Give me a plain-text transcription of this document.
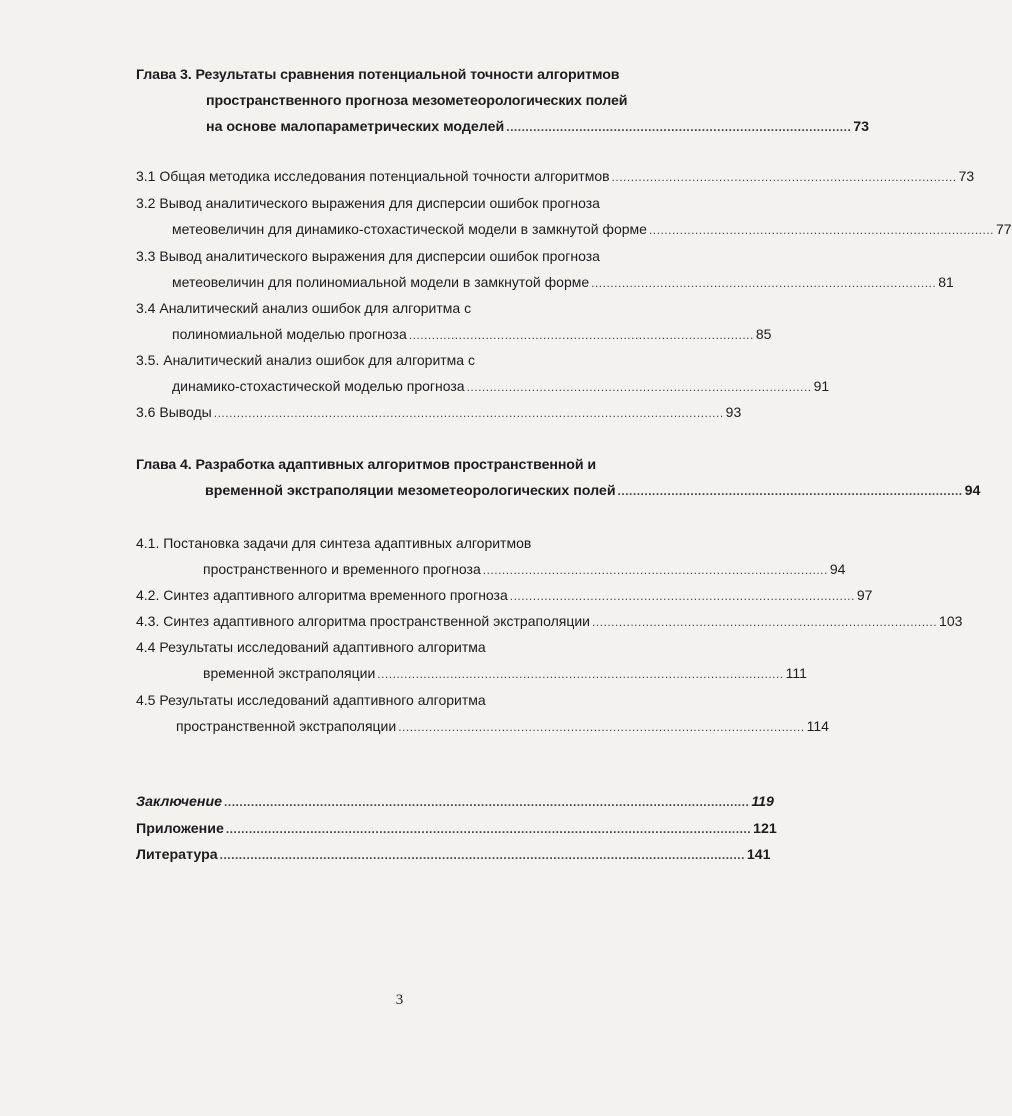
Глава 3. Результаты сравнения потенциальной точности алгоритмов
пространственного прогноза мезометеорологических полей
на основе малопараметрических моделей .......................................................................................... 73
3.1 Общая методика исследования потенциальной точности алгоритмов .......................................................................................... 73
3.2 Вывод аналитического выражения для дисперсии ошибок прогноза
метеовеличин для динамико-стохастической модели в замкнутой форме .......................................................................................... 77
3.3 Вывод аналитического выражения для дисперсии ошибок прогноза
метеовеличин для полиномиальной модели в замкнутой форме .......................................................................................... 81
3.4 Аналитический анализ ошибок для алгоритма с
полиномиальной моделью прогноза .......................................................................................... 85
3.5. Аналитический анализ ошибок для алгоритма с
динамико-стохастической моделью прогноза .......................................................................................... 91
3.6 Выводы ..................................................................................................................................... 93
Глава 4. Разработка адаптивных алгоритмов пространственной и
временной экстраполяции мезометеорологических полей .......................................................................................... 94
4.1. Постановка задачи для синтеза адаптивных алгоритмов
пространственного и временного прогноза .......................................................................................... 94
4.2. Синтез адаптивного алгоритма временного прогноза .......................................................................................... 97
4.3. Синтез адаптивного алгоритма пространственной экстраполяции .......................................................................................... 103
4.4 Результаты исследований адаптивного алгоритма
временной экстраполяции .......................................................................................................... 111
4.5 Результаты исследований адаптивного алгоритма
пространственной экстраполяции .......................................................................................................... 114
Заключение ......................................................................................................................................... 119
Приложение ......................................................................................................................................... 121
Литература ......................................................................................................................................... 141
3
